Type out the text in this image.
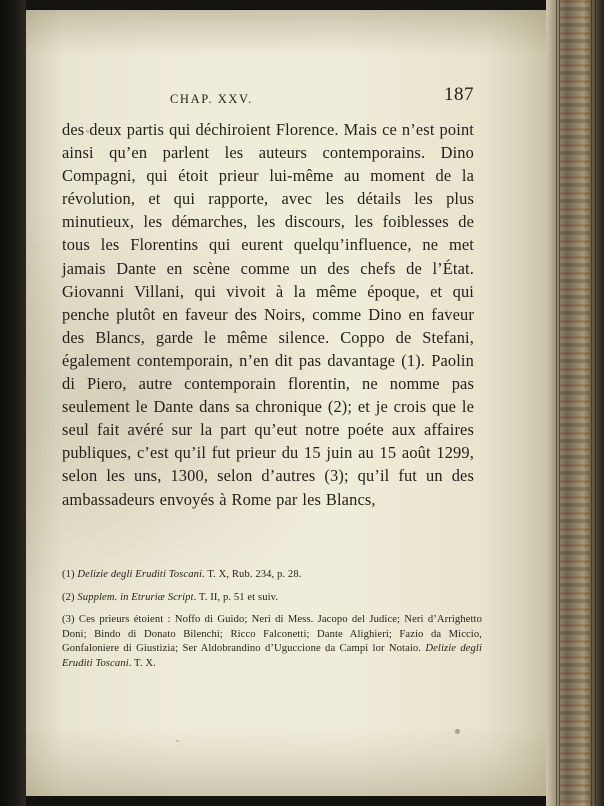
CHAP. XXV.	187

des deux partis qui déchiroient Florence. Mais ce n’est point ainsi qu’en parlent les auteurs contemporains. Dino Compagni, qui étoit prieur lui-même au moment de la révolution, et qui rapporte, avec les détails les plus minutieux, les démarches, les discours, les foiblesses de tous les Florentins qui eurent quelqu’influence, ne met jamais Dante en scène comme un des chefs de l’État. Giovanni Villani, qui vivoit à la même époque, et qui penche plutôt en faveur des Noirs, comme Dino en faveur des Blancs, garde le même silence. Coppo de Stefani, également contemporain, n’en dit pas davantage (1). Paolin di Piero, autre contemporain florentin, ne nomme pas seulement le Dante dans sa chronique (2); et je crois que le seul fait avéré sur la part qu’eut notre poéte aux affaires publiques, c’est qu’il fut prieur du 15 juin au 15 août 1299, selon les uns, 1300, selon d’autres (3); qu’il fut un des ambassadeurs envoyés à Rome par les Blancs,

(1) Delizie degli Eruditi Toscani. T. X, Rub. 234, p. 28.

(2) Supplem. in Etruriæ Script. T. II, p. 51 et suiv.

(3) Ces prieurs étoient : Noffo di Guido; Neri di Mess. Jacopo del Judice; Neri d’Arrighetto Doni; Bindo di Donato Bilenchi; Ricco Falconetti; Dante Alighieri; Fazio da Miccio, Gonfaloniere di Giustizia; Ser Aldobrandino d’Uguccione da Campi lor Notaio. Delizie degli Eruditi Toscani. T. X.
